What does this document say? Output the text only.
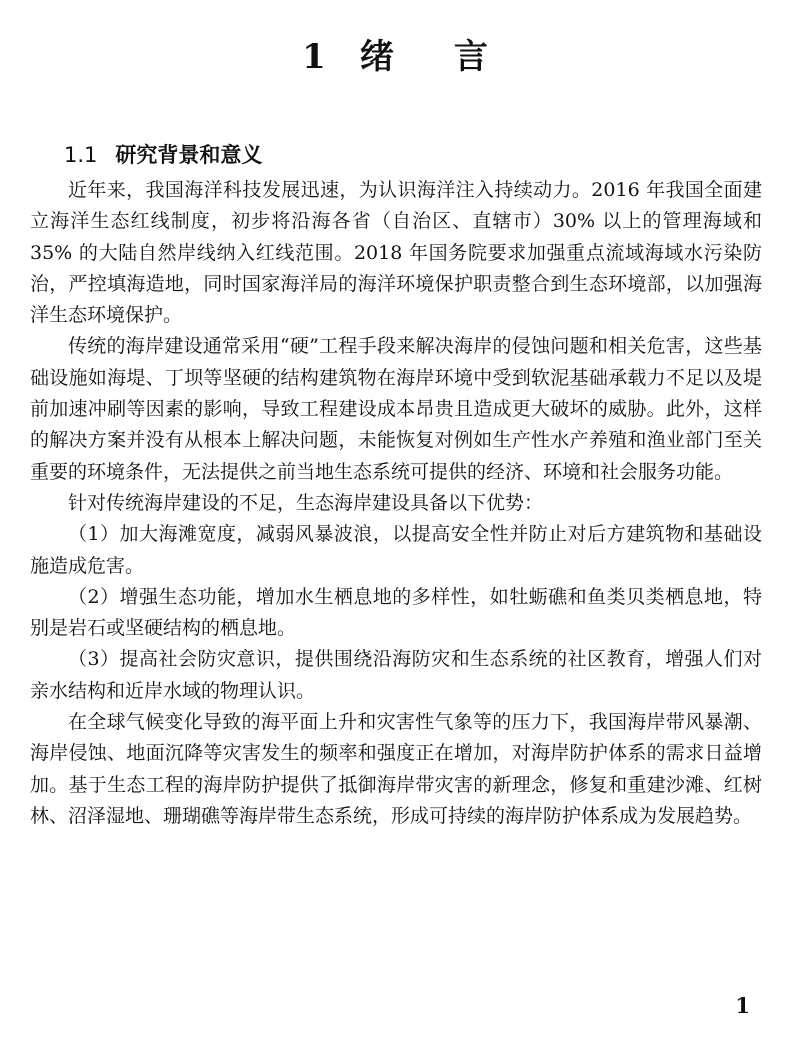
1 绪 言
1.1 研究背景和意义

近年来，我国海洋科技发展迅速，为认识海洋注入持续动力。2016 年我国全面建立海洋生态红线制度，初步将沿海各省（自治区、直辖市）30% 以上的管理海域和 35% 的大陆自然岸线纳入红线范围。2018 年国务院要求加强重点流域海域水污染防治，严控填海造地，同时国家海洋局的海洋环境保护职责整合到生态环境部，以加强海洋生态环境保护。

传统的海岸建设通常采用“硬”工程手段来解决海岸的侵蚀问题和相关危害，这些基础设施如海堤、丁坝等坚硬的结构建筑物在海岸环境中受到软泥基础承载力不足以及堤前加速冲刷等因素的影响，导致工程建设成本昂贵且造成更大破坏的威胁。此外，这样的解决方案并没有从根本上解决问题，未能恢复对例如生产性水产养殖和渔业部门至关重要的环境条件，无法提供之前当地生态系统可提供的经济、环境和社会服务功能。

针对传统海岸建设的不足，生态海岸建设具备以下优势：

（1）加大海滩宽度，减弱风暴波浪，以提高安全性并防止对后方建筑物和基础设施造成危害。

（2）增强生态功能，增加水生栖息地的多样性，如牡蛎礁和鱼类贝类栖息地，特别是岩石或坚硬结构的栖息地。

（3）提高社会防灾意识，提供围绕沿海防灾和生态系统的社区教育，增强人们对亲水结构和近岸水域的物理认识。

在全球气候变化导致的海平面上升和灾害性气象等的压力下，我国海岸带风暴潮、海岸侵蚀、地面沉降等灾害发生的频率和强度正在增加，对海岸防护体系的需求日益增加。基于生态工程的海岸防护提供了抵御海岸带灾害的新理念，修复和重建沙滩、红树林、沼泽湿地、珊瑚礁等海岸带生态系统，形成可持续的海岸防护体系成为发展趋势。

1
